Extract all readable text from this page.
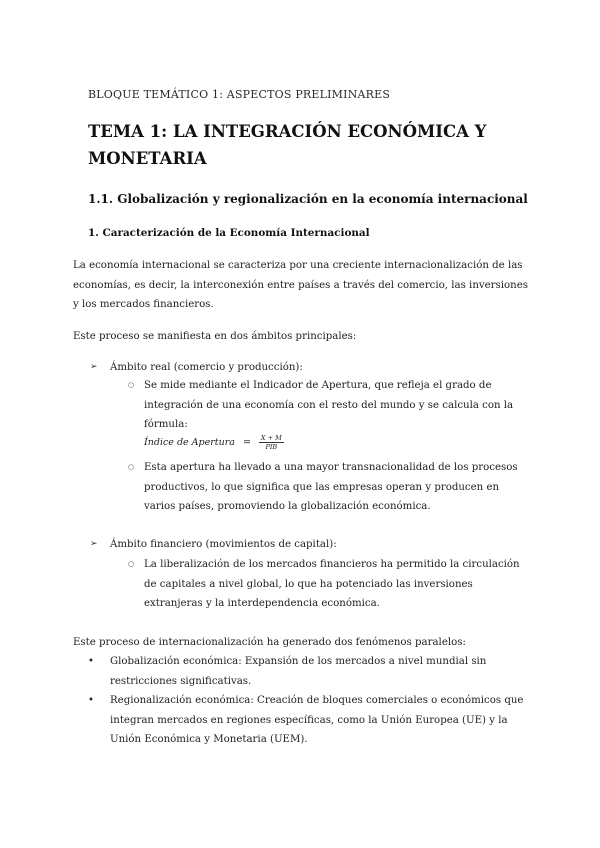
BLOQUE TEMÁTICO 1: ASPECTOS PRELIMINARES
TEMA 1: LA INTEGRACIÓN ECONÓMICA Y MONETARIA
1.1. Globalización y regionalización en la economía internacional
1. Caracterización de la Economía Internacional
La economía internacional se caracteriza por una creciente internacionalización de las economías, es decir, la interconexión entre países a través del comercio, las inversiones y los mercados financieros.
Este proceso se manifiesta en dos ámbitos principales:
➢ Ámbito real (comercio y producción):
○ Se mide mediante el Indicador de Apertura, que refleja el grado de integración de una economía con el resto del mundo y se calcula con la fórmula:
Índice de Apertura = $\frac{X + M}{\text{PIB}}$
○ Esta apertura ha llevado a una mayor transnacionalidad de los procesos productivos, lo que significa que las empresas operan y producen en varios países, promoviendo la globalización económica.
➢ Ámbito financiero (movimientos de capital):
○ La liberalización de los mercados financieros ha permitido la circulación de capitales a nivel global, lo que ha potenciado las inversiones extranjeras y la interdependencia económica.
Este proceso de internacionalización ha generado dos fenómenos paralelos:
• Globalización económica: Expansión de los mercados a nivel mundial sin restricciones significativas.
• Regionalización económica: Creación de bloques comerciales o económicos que integran mercados en regiones específicas, como la Unión Europea (UE) y la Unión Económica y Monetaria (UEM).
